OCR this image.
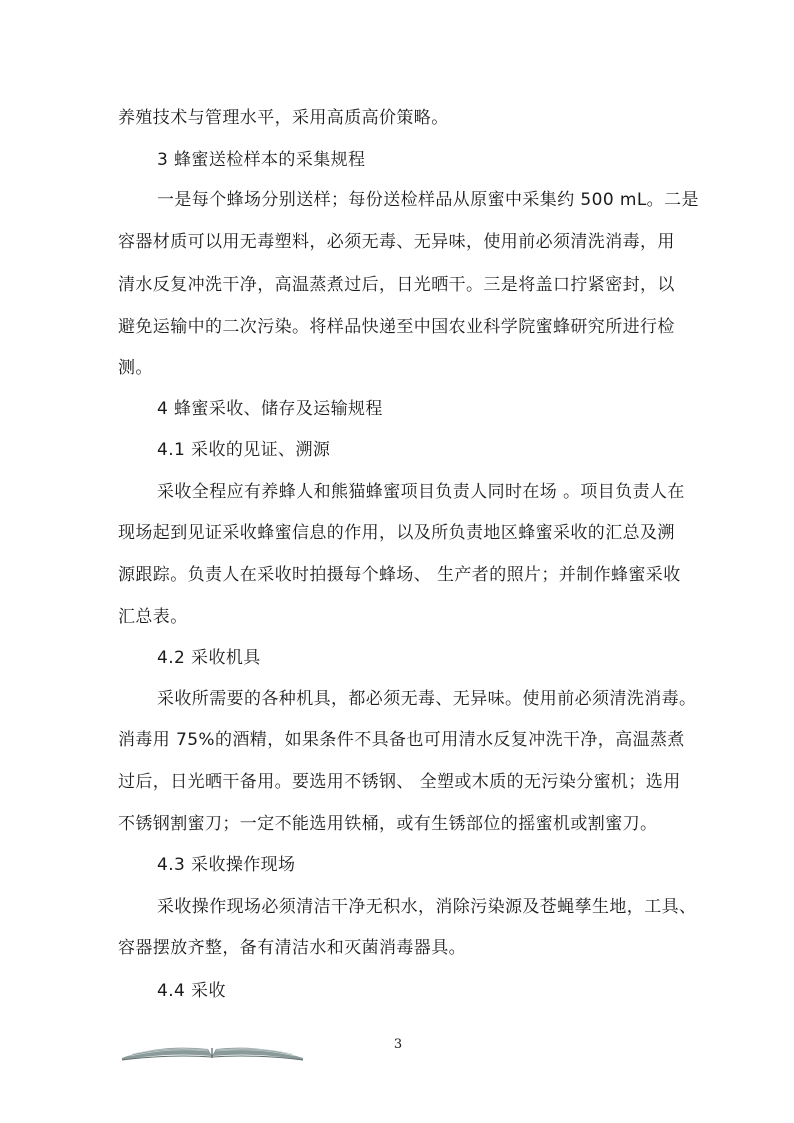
养殖技术与管理水平，采用高质高价策略。
3 蜂蜜送检样本的采集规程
一是每个蜂场分别送样；每份送检样品从原蜜中采集约 500 mL。二是
容器材质可以用无毒塑料，必须无毒、无异味，使用前必须清洗消毒，用
清水反复冲洗干净，高温蒸煮过后，日光晒干。三是将盖口拧紧密封，以
避免运输中的二次污染。将样品快递至中国农业科学院蜜蜂研究所进行检
测。
4 蜂蜜采收、储存及运输规程
4.1 采收的见证、溯源
采收全程应有养蜂人和熊猫蜂蜜项目负责人同时在场 。项目负责人在
现场起到见证采收蜂蜜信息的作用，以及所负责地区蜂蜜采收的汇总及溯
源跟踪。负责人在采收时拍摄每个蜂场、 生产者的照片；并制作蜂蜜采收
汇总表。
4.2 采收机具
采收所需要的各种机具，都必须无毒、无异味。使用前必须清洗消毒。
消毒用 75%的酒精，如果条件不具备也可用清水反复冲洗干净，高温蒸煮
过后，日光晒干备用。要选用不锈钢、 全塑或木质的无污染分蜜机；选用
不锈钢割蜜刀；一定不能选用铁桶，或有生锈部位的摇蜜机或割蜜刀。
4.3 采收操作现场
采收操作现场必须清洁干净无积水，消除污染源及苍蝇孳生地，工具、
容器摆放齐整，备有清洁水和灭菌消毒器具。
4.4 采收
3
